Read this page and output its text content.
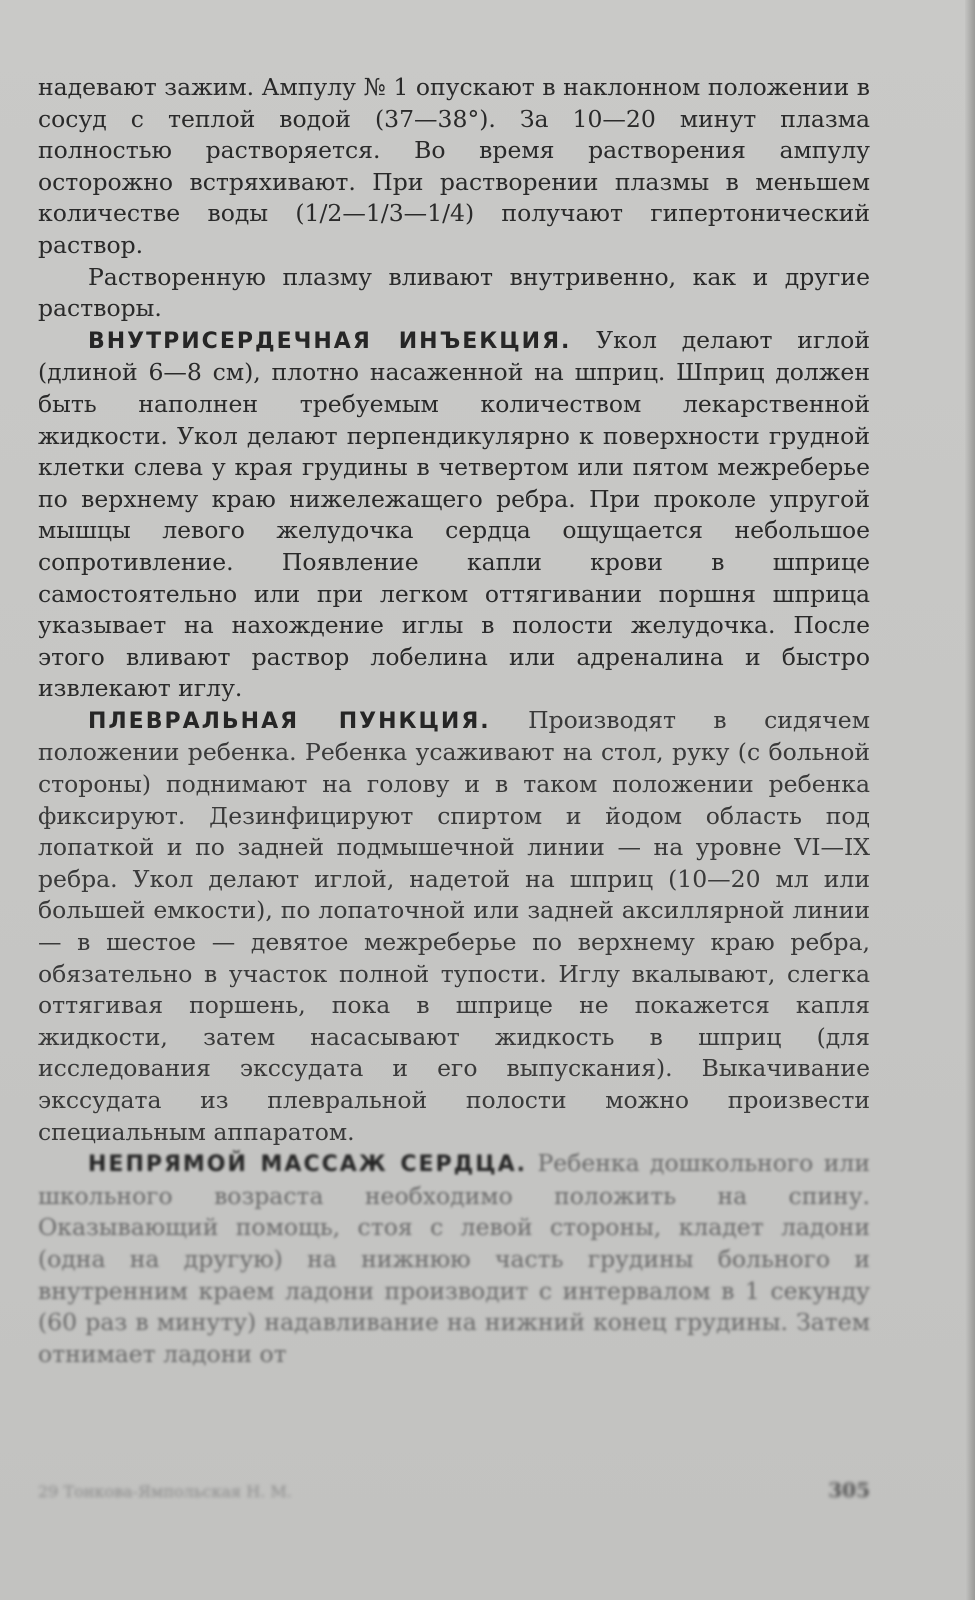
надевают зажим. Ампулу № 1 опускают в наклонном положении в сосуд с теплой водой (37—38°). За 10—20 минут плазма полностью растворяется. Во время растворения ампулу осторожно встряхивают. При растворении плазмы в меньшем количестве воды (1/2—1/3—1/4) получают гипертонический раствор.

Растворенную плазму вливают внутривенно, как и другие растворы.

ВНУТРИСЕРДЕЧНАЯ ИНЪЕКЦИЯ. Укол делают иглой (длиной 6—8 см), плотно насаженной на шприц. Шприц должен быть наполнен требуемым количеством лекарственной жидкости. Укол делают перпендикулярно к поверхности грудной клетки слева у края грудины в четвертом или пятом межреберье по верхнему краю нижележащего ребра. При проколе упругой мышцы левого желудочка сердца ощущается небольшое сопротивление. Появление капли крови в шприце самостоятельно или при легком оттягивании поршня шприца указывает на нахождение иглы в полости желудочка. После этого вливают раствор лобелина или адреналина и быстро извлекают иглу.

ПЛЕВРАЛЬНАЯ ПУНКЦИЯ. Производят в сидячем положении ребенка. Ребенка усаживают на стол, руку (с больной стороны) поднимают на голову и в таком положении ребенка фиксируют. Дезинфицируют спиртом и йодом область под лопаткой и по задней подмышечной линии — на уровне VI—IX ребра. Укол делают иглой, надетой на шприц (10—20 мл или большей емкости), по лопаточной или задней аксиллярной линии — в шестое — девятое межреберье по верхнему краю ребра, обязательно в участок полной тупости. Иглу вкалывают, слегка оттягивая поршень, пока в шприце не покажется капля жидкости, затем насасывают жидкость в шприц (для исследования экссудата и его выпускания). Выкачивание экссудата из плевральной полости можно произвести специальным аппаратом.

НЕПРЯМОЙ МАССАЖ СЕРДЦА. Ребенка дошкольного или школьного возраста необходимо положить на спину. Оказывающий помощь, стоя с левой стороны, кладет ладони (одна на другую) на нижнюю часть грудины больного и внутренним краем ладони производит с интервалом в 1 секунду (60 раз в минуту) надавливание на нижний конец грудины. Затем отнимает ладони от

29 Тонкова-Ямпольская Н. М.	305
